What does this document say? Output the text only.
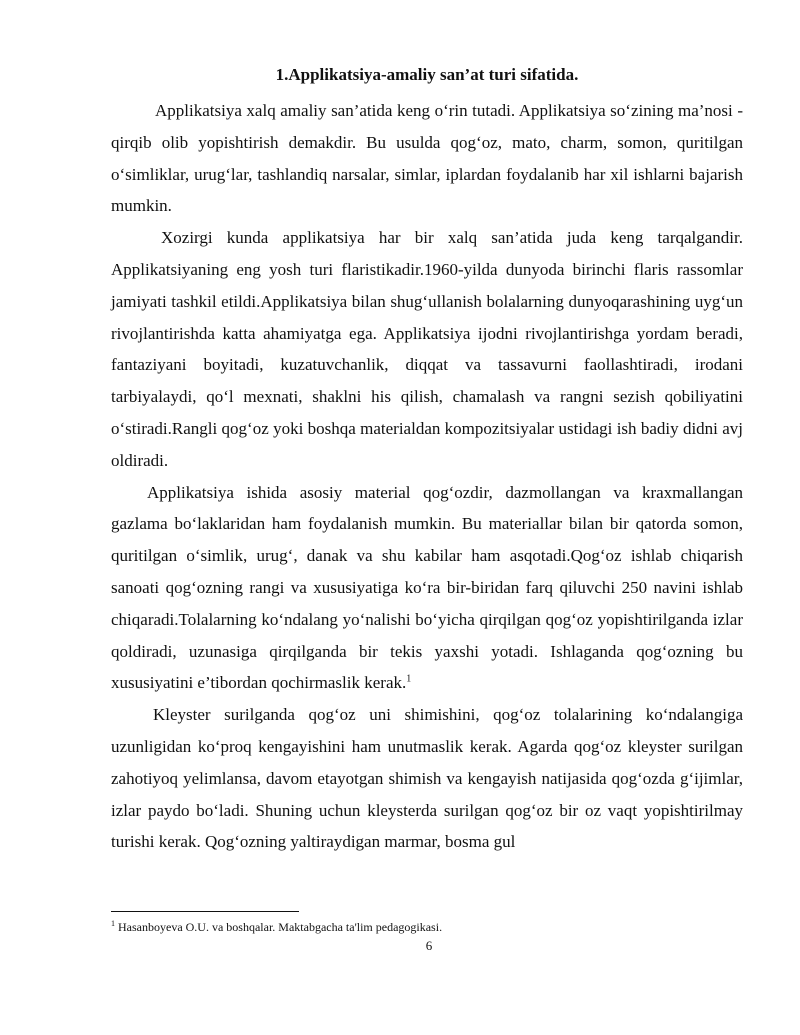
1.Applikatsiya-amaliy san’at turi sifatida.

Applikatsiya xalq amaliy san’atida keng o‘rin tutadi. Applikatsiya so‘zining ma’nosi -qirqib olib yopishtirish demakdir. Bu usulda qog‘oz, mato, charm, somon, quritilgan o‘simliklar, urug‘lar, tashlandiq narsalar, simlar, iplardan foydalanib har xil ishlarni bajarish mumkin.

Xozirgi kunda applikatsiya har bir xalq san’atida juda keng tarqalgandir. Applikatsiyaning eng yosh turi flaristikadir.1960-yilda dunyoda birinchi flaris rassomlar jamiyati tashkil etildi.Applikatsiya bilan shug‘ullanish bolalarning dunyoqarashining uyg‘un rivojlantirishda katta ahamiyatga ega. Applikatsiya ijodni rivojlantirishga yordam beradi, fantaziyani boyitadi, kuzatuvchanlik, diqqat va tassavurni faollashtiradi, irodani tarbiyalaydi, qo‘l mexnati, shaklni his qilish, chamalash va rangni sezish qobiliyatini o‘stiradi.Rangli qog‘oz yoki boshqa materialdan kompozitsiyalar ustidagi ish badiy didni avj oldiradi.

Applikatsiya ishida asosiy material qog‘ozdir, dazmollangan va kraxmallangan gazlama bo‘laklaridan ham foydalanish mumkin. Bu materiallar bilan bir qatorda somon, quritilgan o‘simlik, urug‘, danak va shu kabilar ham asqotadi.Qog‘oz ishlab chiqarish sanoati qog‘ozning rangi va xususiyatiga ko‘ra bir-biridan farq qiluvchi 250 navini ishlab chiqaradi.Tolalarning ko‘ndalang yo‘nalishi bo‘yicha qirqilgan qog‘oz yopishtirilganda izlar qoldiradi, uzunasiga qirqilganda bir tekis yaxshi yotadi. Ishlaganda qog‘ozning bu xususiyatini e’tibordan qochirmaslik kerak.$^1$

Kleyster surilganda qog‘oz uni shimishini, qog‘oz tolalarining ko‘ndalangiga uzunligidan ko‘proq kengayishini ham unutmaslik kerak. Agarda qog‘oz kleyster surilgan zahotiyoq yelimlansa, davom etayotgan shimish va kengayish natijasida qog‘ozda g‘ijimlar, izlar paydo bo‘ladi. Shuning uchun kleysterda surilgan qog‘oz bir oz vaqt yopishtirilmay turishi kerak. Qog‘ozning yaltiraydigan marmar, bosma gul

$^1$ Hasanboyeva O.U. va boshqalar. Maktabgacha ta'lim pedagogikasi.
6
